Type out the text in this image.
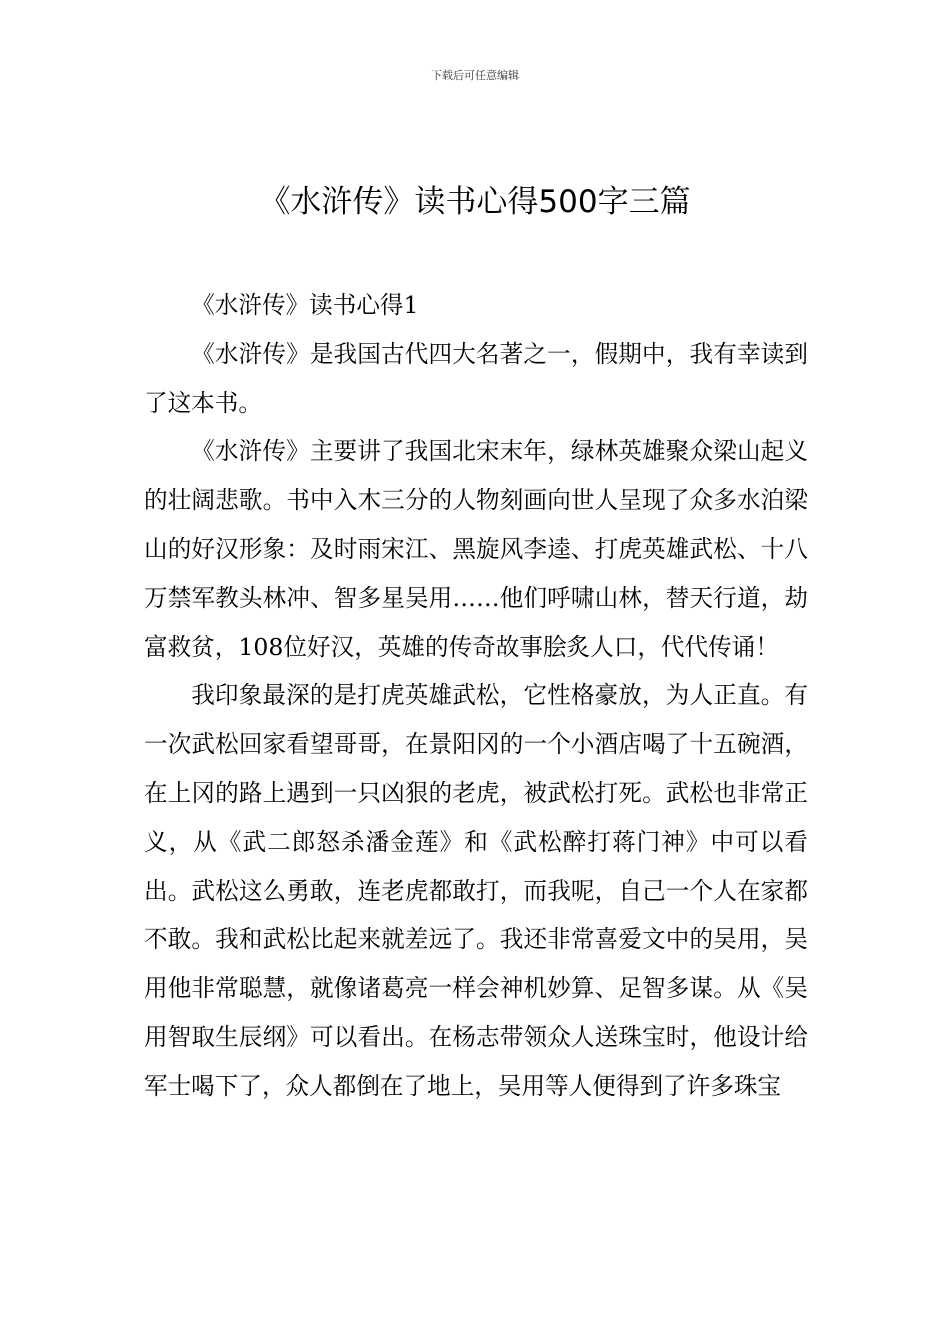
下载后可任意编辑
《水浒传》读书心得500字三篇

《水浒传》读书心得1

《水浒传》是我国古代四大名著之一，假期中，我有幸读到了这本书。

《水浒传》主要讲了我国北宋末年，绿林英雄聚众梁山起义的壮阔悲歌。书中入木三分的人物刻画向世人呈现了众多水泊梁山的好汉形象：及时雨宋江、黑旋风李逵、打虎英雄武松、十八万禁军教头林冲、智多星吴用……他们呼啸山林，替天行道，劫富救贫，108位好汉，英雄的传奇故事脍炙人口，代代传诵！

我印象最深的是打虎英雄武松，它性格豪放，为人正直。有一次武松回家看望哥哥，在景阳冈的一个小酒店喝了十五碗酒，在上冈的路上遇到一只凶狠的老虎，被武松打死。武松也非常正义，从《武二郎怒杀潘金莲》和《武松醉打蒋门神》中可以看出。武松这么勇敢，连老虎都敢打，而我呢，自己一个人在家都不敢。我和武松比起来就差远了。我还非常喜爱文中的吴用，吴用他非常聪慧，就像诸葛亮一样会神机妙算、足智多谋。从《吴用智取生辰纲》可以看出。在杨志带领众人送珠宝时，他设计给军士喝下了，众人都倒在了地上，吴用等人便得到了许多珠宝
